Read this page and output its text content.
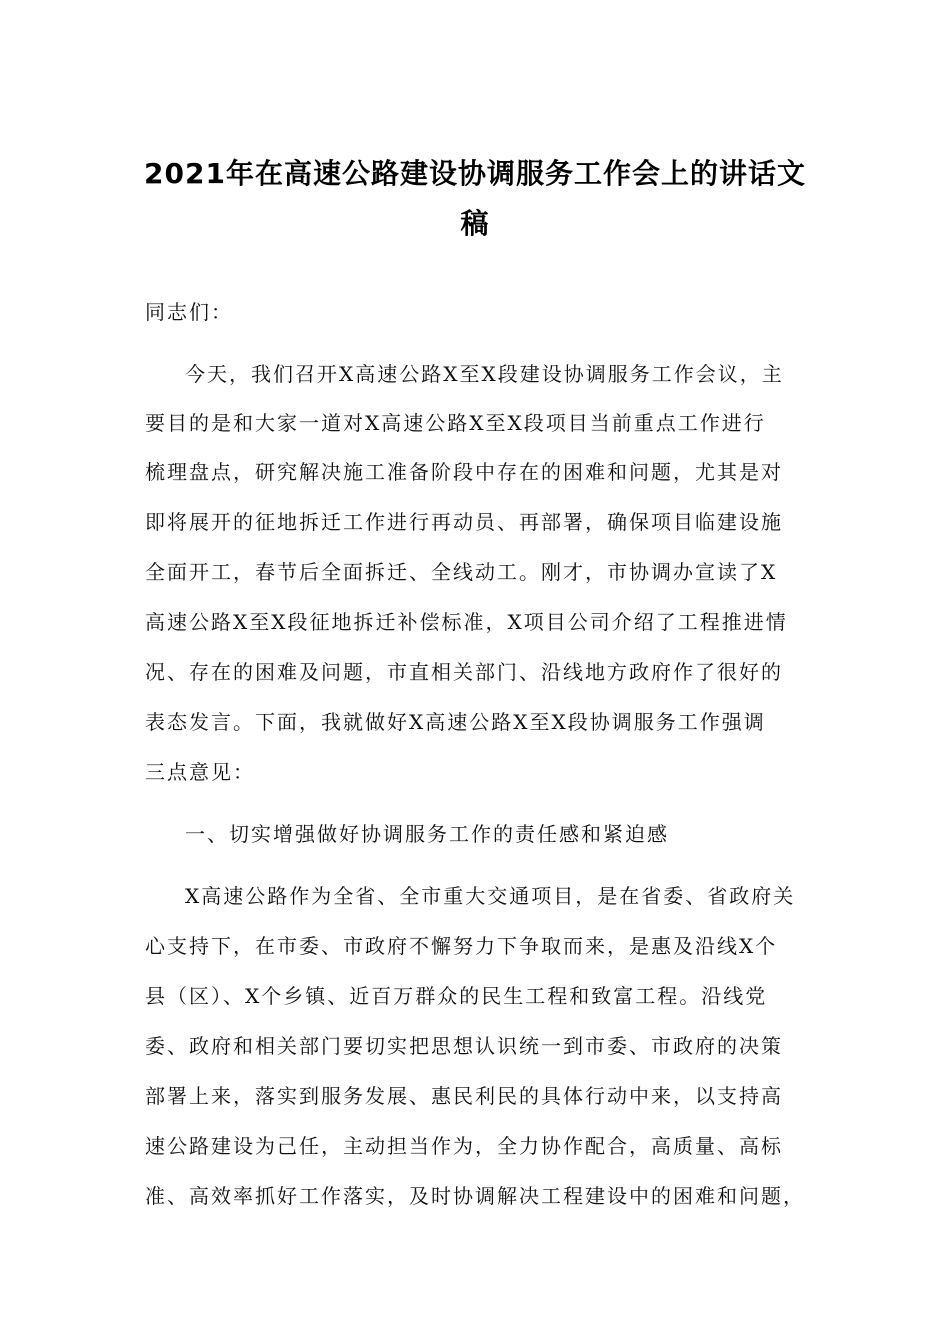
2021年在高速公路建设协调服务工作会上的讲话文
稿
同志们：
今天，我们召开X高速公路X至X段建设协调服务工作会议，主
要目的是和大家一道对X高速公路X至X段项目当前重点工作进行
梳理盘点，研究解决施工准备阶段中存在的困难和问题，尤其是对
即将展开的征地拆迁工作进行再动员、再部署，确保项目临建设施
全面开工，春节后全面拆迁、全线动工。刚才，市协调办宣读了X
高速公路X至X段征地拆迁补偿标准，X项目公司介绍了工程推进情
况、存在的困难及问题，市直相关部门、沿线地方政府作了很好的
表态发言。下面，我就做好X高速公路X至X段协调服务工作强调
三点意见：
一、切实增强做好协调服务工作的责任感和紧迫感
X高速公路作为全省、全市重大交通项目，是在省委、省政府关
心支持下，在市委、市政府不懈努力下争取而来，是惠及沿线X个
县（区）、X个乡镇、近百万群众的民生工程和致富工程。沿线党
委、政府和相关部门要切实把思想认识统一到市委、市政府的决策
部署上来，落实到服务发展、惠民利民的具体行动中来，以支持高
速公路建设为己任，主动担当作为，全力协作配合，高质量、高标
准、高效率抓好工作落实，及时协调解决工程建设中的困难和问题，
